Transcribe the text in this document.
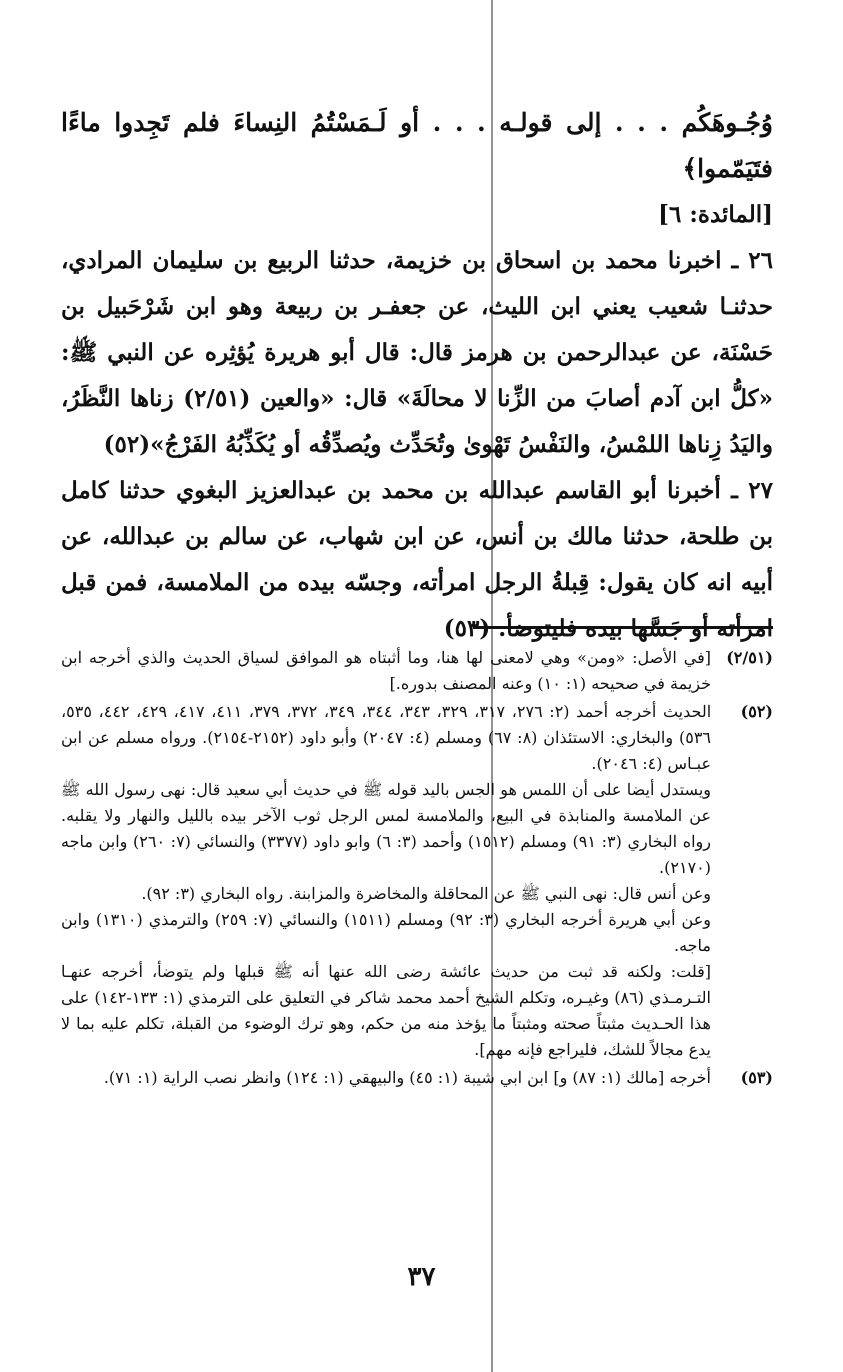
وُجُـوهَكُم . . . إلى قولـه . . . أو لَـمَسْتُمُ النِساءَ فلم تَجِدوا ماءًا فتَيَمّموا﴾

[المائدة: ٦]

٢٦ ـ اخبرنا محمد بن اسحاق بن خزيمة، حدثنا الربيع بن سليمان المرادي، حدثنـا شعيب يعني ابن الليث، عن جعفـر بن ربيعة وهو ابن شَرْحَبيل بن حَسْنَة، عن عبدالرحمن بن هرمز قال: قال أبو هريرة يُؤثِره عن النبي ﷺ: «كلُّ ابن آدم أصابَ من الزِّنا لا محالَةَ» قال: «والعين (٢/٥١) زناها النَّظَرُ، واليَدُ زِناها اللمْسُ، والنَفْسُ تَهْوىٰ وتُحَدِّث ويُصدِّقُه أو يُكَذِّبُهُ الفَرْجُ»(٥٢)

٢٧ ـ أخبرنا أبو القاسم عبدالله بن محمد بن عبدالعزيز البغوي حدثنا كامل بن طلحة، حدثنا مالك بن أنس، عن ابن شهاب، عن سالم بن عبدالله، عن أبيه انه كان يقول: قِبلةُ الرجل امرأته، وجسّه بيده من الملامسة، فمن قبل امرأته أو جَسَّها بيده فليتوضأ. (٥٣)

(٢/٥١)
[في الأصل: «ومن» وهي لامعنى لها هنا، وما أثبتاه هو الموافق لسياق الحديث والذي أخرجه ابن خزيمة في صحيحه (١: ١٠) وعنه المصنف بدوره.]
(٥٢)
الحديث أخرجه أحمد (٢: ٢٧٦، ٣١٧، ٣٢٩، ٣٤٣، ٣٤٤، ٣٤٩، ٣٧٢، ٣٧٩، ٤١١، ٤١٧، ٤٢٩، ٤٤٢، ٥٣٥، ٥٣٦) والبخاري: الاستئذان (٨: ٦٧) ومسلم (٤: ٢٠٤٧) وأبو داود (٢١٥٢-٢١٥٤). ورواه مسلم عن ابن عبـاس (٤: ٢٠٤٦).
ويستدل أيضا على أن اللمس هو الجس باليد قوله ﷺ في حديث أبي سعيد قال: نهى رسول الله ﷺ عن الملامسة والمنابذة في البيع، والملامسة لمس الرجل ثوب الآخر بيده بالليل والنهار ولا يقلبه. رواه البخاري (٣: ٩١) ومسلم (١٥١٢) وأحمد (٣: ٦) وابو داود (٣٣٧٧) والنسائي (٧: ٢٦٠) وابن ماجه (٢١٧٠).
وعن أنس قال: نهى النبي ﷺ عن المحاقلة والمخاضرة والمزابنة. رواه البخاري (٣: ٩٢).
وعن أبي هريرة أخرجه البخاري (٣: ٩٢) ومسلم (١٥١١) والنسائي (٧: ٢٥٩) والترمذي (١٣١٠) وابن ماجه.
[قلت: ولكنه قد ثبت من حديث عائشة رضى الله عنها أنه ﷺ قبلها ولم يتوضأ، أخرجه عنهـا التـرمـذي (٨٦) وغيـره، وتكلم الشيخ أحمد محمد شاكر في التعليق على الترمذي (١: ١٣٣-١٤٢) على هذا الحـديث مثبتاً صحته ومثبتاً ما يؤخذ منه من حكم، وهو ترك الوضوء من القبلة، تكلم عليه بما لا يدع مجالاً للشك، فليراجع فإنه مهم].
(٥٣)
أخرجه [مالك (١: ٨٧) و] ابن ابي شيبة (١: ٤٥) والبيهقي (١: ١٢٤) وانظر نصب الراية (١: ٧١).
٣٧
